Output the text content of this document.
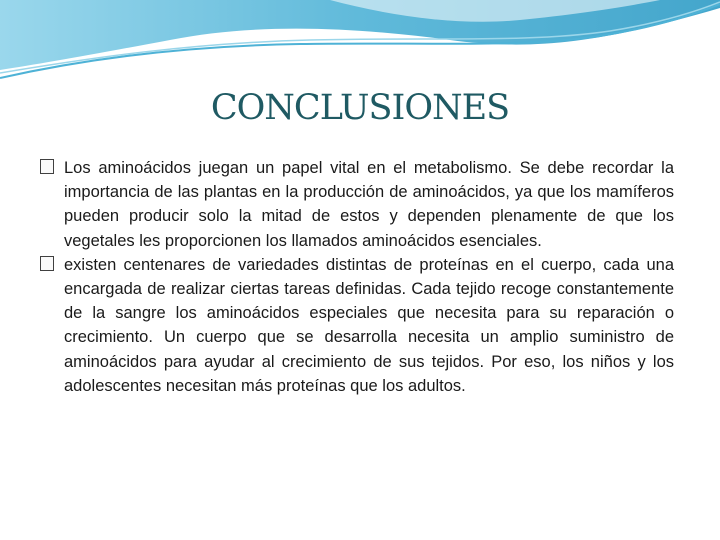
CONCLUSIONES
Los aminoácidos juegan un papel vital en el metabolismo. Se debe recordar la importancia de las plantas en la producción de aminoácidos, ya que los mamíferos pueden producir solo la mitad de estos y dependen plenamente de que los vegetales les proporcionen los llamados aminoácidos esenciales.
existen centenares de variedades distintas de proteínas en el cuerpo, cada una encargada de realizar ciertas tareas definidas. Cada tejido recoge constantemente de la sangre los aminoácidos especiales que necesita para su reparación o crecimiento. Un cuerpo que se desarrolla necesita un amplio suministro de aminoácidos para ayudar al crecimiento de sus tejidos. Por eso, los niños y los adolescentes necesitan más proteínas que los adultos.
